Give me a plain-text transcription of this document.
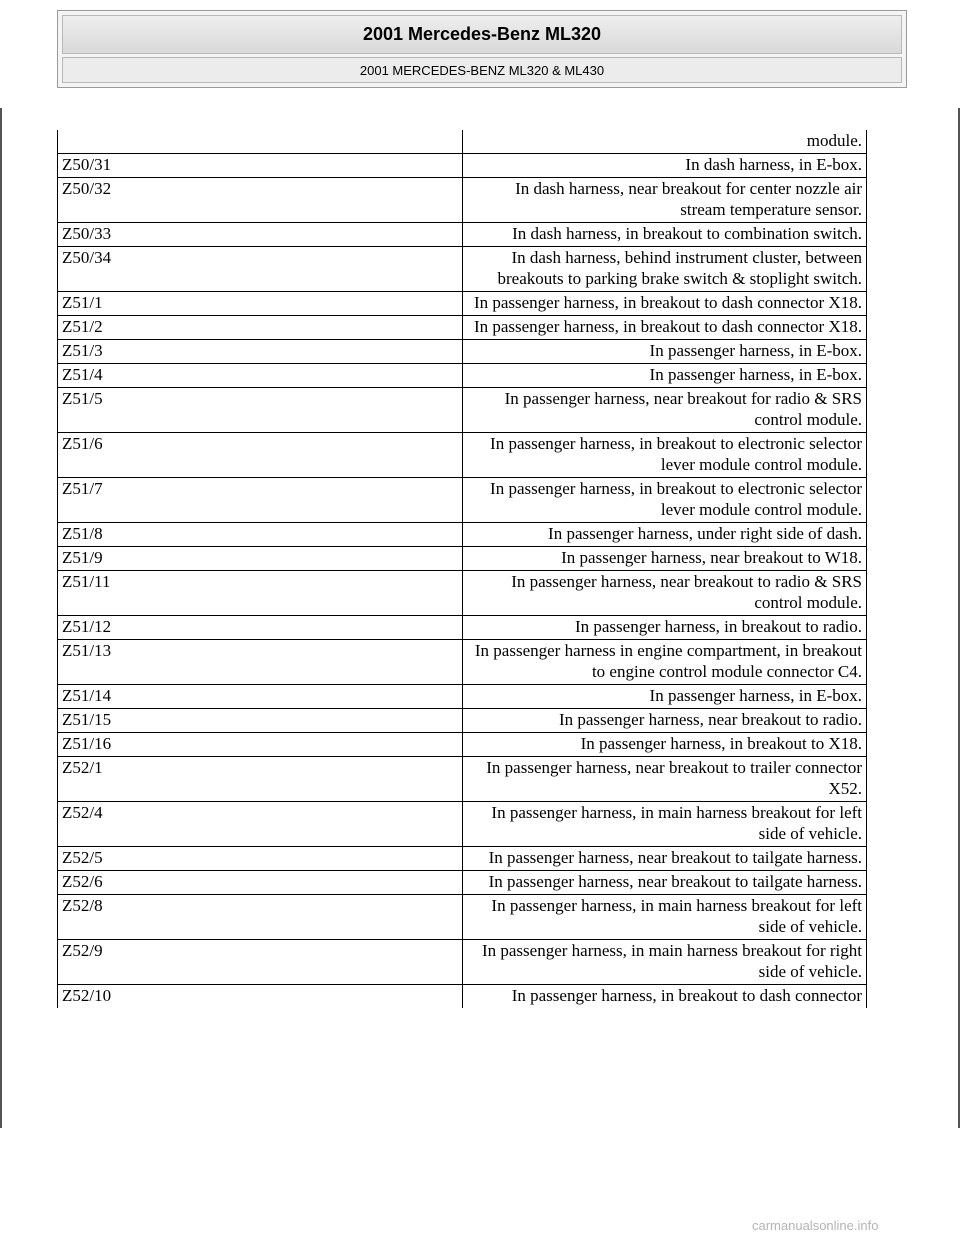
2001 Mercedes-Benz ML320
2001 MERCEDES-BENZ ML320 & ML430
module.
Z50/31	In dash harness, in E-box.
Z50/32	In dash harness, near breakout for center nozzle air stream temperature sensor.
Z50/33	In dash harness, in breakout to combination switch.
Z50/34	In dash harness, behind instrument cluster, between breakouts to parking brake switch & stoplight switch.
Z51/1	In passenger harness, in breakout to dash connector X18.
Z51/2	In passenger harness, in breakout to dash connector X18.
Z51/3	In passenger harness, in E-box.
Z51/4	In passenger harness, in E-box.
Z51/5	In passenger harness, near breakout for radio & SRS control module.
Z51/6	In passenger harness, in breakout to electronic selector lever module control module.
Z51/7	In passenger harness, in breakout to electronic selector lever module control module.
Z51/8	In passenger harness, under right side of dash.
Z51/9	In passenger harness, near breakout to W18.
Z51/11	In passenger harness, near breakout to radio & SRS control module.
Z51/12	In passenger harness, in breakout to radio.
Z51/13	In passenger harness in engine compartment, in breakout to engine control module connector C4.
Z51/14	In passenger harness, in E-box.
Z51/15	In passenger harness, near breakout to radio.
Z51/16	In passenger harness, in breakout to X18.
Z52/1	In passenger harness, near breakout to trailer connector X52.
Z52/4	In passenger harness, in main harness breakout for left side of vehicle.
Z52/5	In passenger harness, near breakout to tailgate harness.
Z52/6	In passenger harness, near breakout to tailgate harness.
Z52/8	In passenger harness, in main harness breakout for left side of vehicle.
Z52/9	In passenger harness, in main harness breakout for right side of vehicle.
Z52/10	In passenger harness, in breakout to dash connector
carmanualsonline.info
